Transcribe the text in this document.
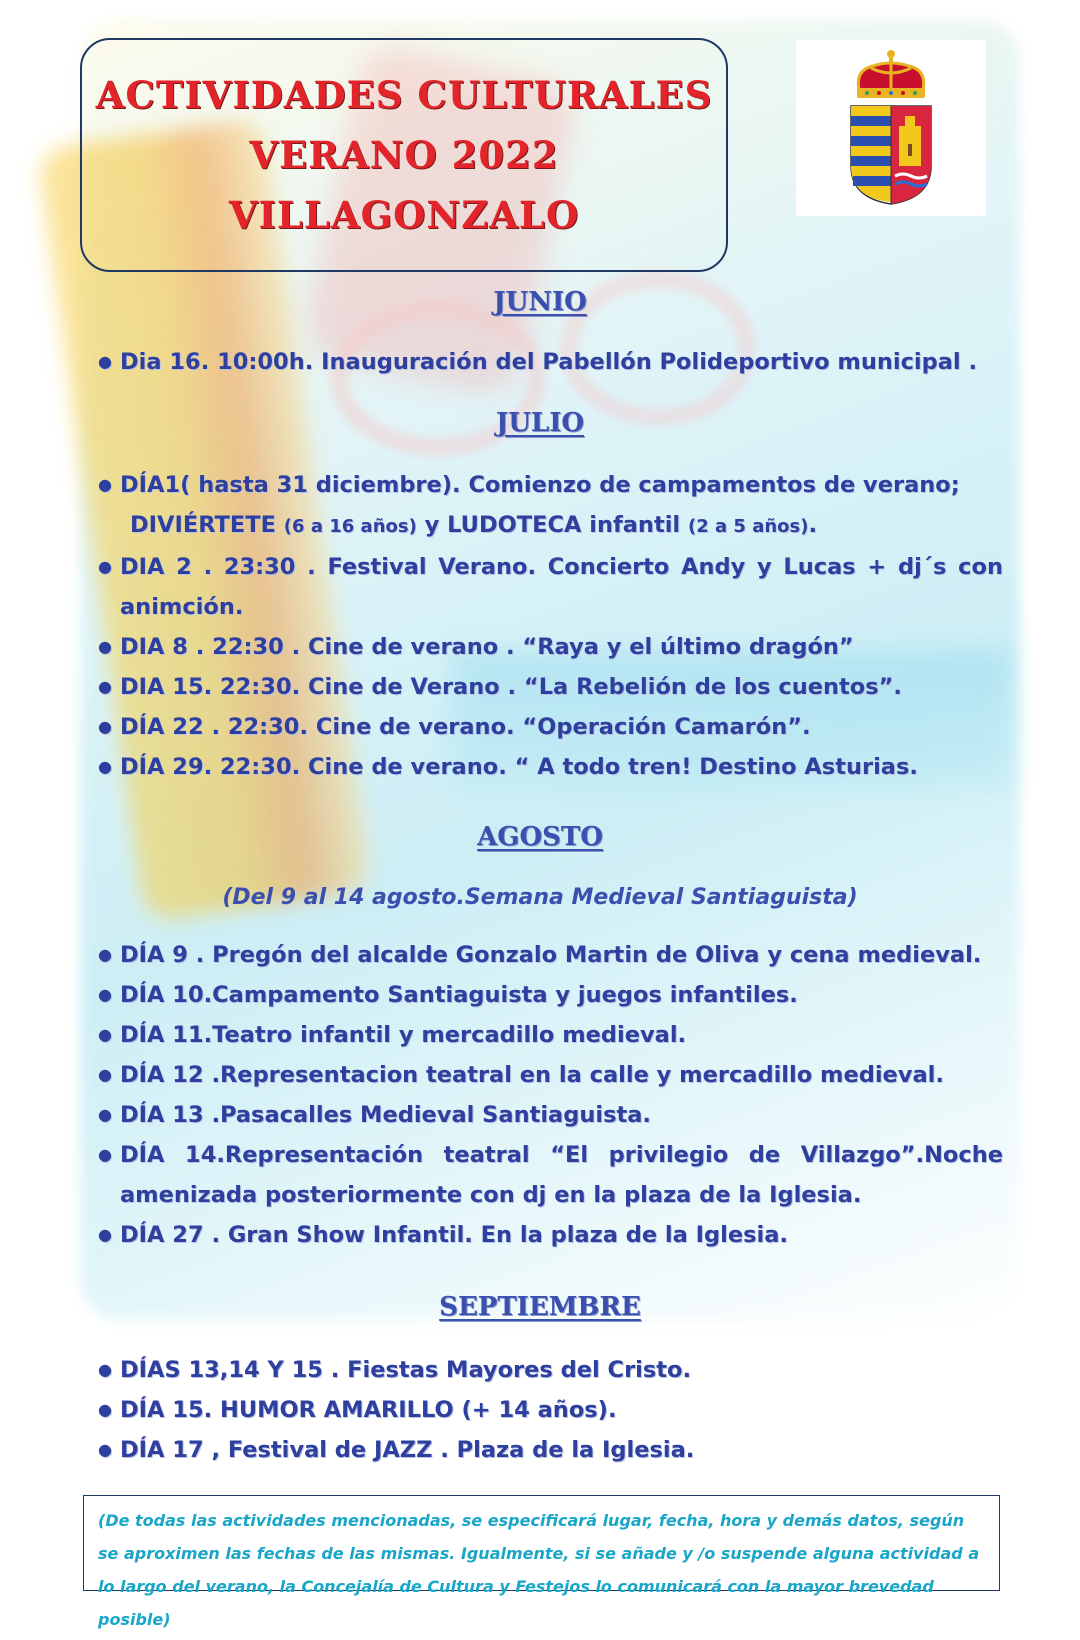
ACTIVIDADES CULTURALES
VERANO 2022
VILLAGONZALO
JUNIO
● Dia 16. 10:00h. Inauguración del Pabellón Polideportivo municipal .
JULIO
● DÍA1( hasta 31 diciembre). Comienzo de campamentos de verano;
DIVIÉRTETE (6 a 16 años) y LUDOTECA infantil (2 a 5 años).
● DIA 2 . 23:30 . Festival Verano. Concierto Andy y Lucas + dj´s con animción.
● DIA 8 . 22:30 . Cine de verano . “Raya y el último dragón”
● DIA 15. 22:30. Cine de Verano . “La Rebelión de los cuentos”.
● DÍA 22 . 22:30. Cine de verano. “Operación Camarón”.
● DÍA 29. 22:30. Cine de verano. “ A todo tren! Destino Asturias.
AGOSTO
(Del 9 al 14 agosto.Semana Medieval Santiaguista)
● DÍA 9 . Pregón del alcalde Gonzalo Martin de Oliva y cena medieval.
● DÍA 10.Campamento Santiaguista y juegos infantiles.
● DÍA 11.Teatro infantil y mercadillo medieval.
● DÍA 12 .Representacion teatral en la calle y mercadillo medieval.
● DÍA 13 .Pasacalles Medieval Santiaguista.
● DÍA 14.Representación teatral “El privilegio de Villazgo”.Noche amenizada posteriormente con dj en la plaza de la Iglesia.
● DÍA 27 . Gran Show Infantil. En la plaza de la Iglesia.
SEPTIEMBRE
● DÍAS 13,14 Y 15 . Fiestas Mayores del Cristo.
● DÍA 15. HUMOR AMARILLO (+ 14 años).
● DÍA 17 , Festival de JAZZ . Plaza de la Iglesia.
(De todas las actividades mencionadas, se especificará lugar, fecha, hora y demás datos, según se aproximen las fechas de las mismas. Igualmente, si se añade y /o suspende alguna actividad a lo largo del verano, la Concejalía de Cultura y Festejos lo comunicará con la mayor brevedad posible)
